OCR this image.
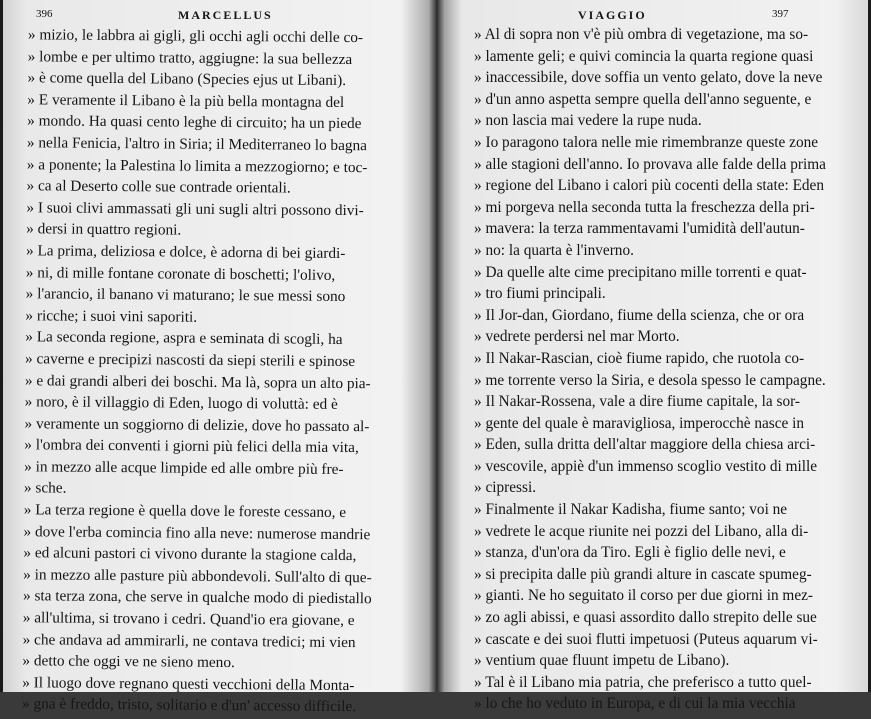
396	MARCELLUS
» mizio, le labbra ai gigli, gli occhi agli occhi delle co-
» lombe e per ultimo tratto, aggiugne: la sua bellezza
» è come quella del Libano (Species ejus ut Libani).
» E veramente il Libano è la più bella montagna del
» mondo. Ha quasi cento leghe di circuito; ha un piede
» nella Fenicia, l'altro in Siria; il Mediterraneo lo bagna
» a ponente; la Palestina lo limita a mezzogiorno; e toc-
» ca al Deserto colle sue contrade orientali.
» I suoi clivi ammassati gli uni sugli altri possono divi-
» dersi in quattro regioni.
» La prima, deliziosa e dolce, è adorna di bei giardi-
» ni, di mille fontane coronate di boschetti; l'olivo,
» l'arancio, il banano vi maturano; le sue messi sono
» ricche; i suoi vini saporiti.
» La seconda regione, aspra e seminata di scogli, ha
» caverne e precipizi nascosti da siepi sterili e spinose
» e dai grandi alberi dei boschi. Ma là, sopra un alto pia-
» noro, è il villaggio di Eden, luogo di voluttà: ed è
» veramente un soggiorno di delizie, dove ho passato al-
» l'ombra dei conventi i giorni più felici della mia vita,
» in mezzo alle acque limpide ed alle ombre più fre-
» sche.
» La terza regione è quella dove le foreste cessano, e
» dove l'erba comincia fino alla neve: numerose mandrie
» ed alcuni pastori ci vivono durante la stagione calda,
» in mezzo alle pasture più abbondevoli. Sull'alto di que-
» sta terza zona, che serve in qualche modo di piedistallo
» all'ultima, si trovano i cedri. Quand'io era giovane, e
» che andava ad ammirarli, ne contava tredici; mi vien
» detto che oggi ve ne sieno meno.
» Il luogo dove regnano questi vecchioni della Monta-
» gna è freddo, tristo, solitario e d'un' accesso difficile.
VIAGGIO	397
» Al di sopra non v'è più ombra di vegetazione, ma so-
» lamente geli; e quivi comincia la quarta regione quasi
» inaccessibile, dove soffia un vento gelato, dove la neve
» d'un anno aspetta sempre quella dell'anno seguente, e
» non lascia mai vedere la rupe nuda.
» Io paragono talora nelle mie rimembranze queste zone
» alle stagioni dell'anno. Io provava alle falde della prima
» regione del Libano i calori più cocenti della state: Eden
» mi porgeva nella seconda tutta la freschezza della pri-
» mavera: la terza rammentavami l'umidità dell'autun-
» no: la quarta è l'inverno.
» Da quelle alte cime precipitano mille torrenti e quat-
» tro fiumi principali.
» Il Jor-dan, Giordano, fiume della scienza, che or ora
» vedrete perdersi nel mar Morto.
» Il Nakar-Rascian, cioè fiume rapido, che ruotola co-
» me torrente verso la Siria, e desola spesso le campagne.
» Il Nakar-Rossena, vale a dire fiume capitale, la sor-
» gente del quale è maravigliosa, imperocchè nasce in
» Eden, sulla dritta dell'altar maggiore della chiesa arci-
» vescovile, appiè d'un immenso scoglio vestito di mille
» cipressi.
» Finalmente il Nakar Kadisha, fiume santo; voi ne
» vedrete le acque riunite nei pozzi del Libano, alla di-
» stanza, d'un'ora da Tiro. Egli è figlio delle nevi, e
» si precipita dalle più grandi alture in cascate spumeg-
» gianti. Ne ho seguitato il corso per due giorni in mez-
» zo agli abissi, e quasi assordito dallo strepito delle sue
» cascate e dei suoi flutti impetuosi (Puteus aquarum vi-
» ventium quae fluunt impetu de Libano).
» Tal è il Libano mia patria, che preferisco a tutto quel-
» lo che ho veduto in Europa, e di cui la mia vecchia
